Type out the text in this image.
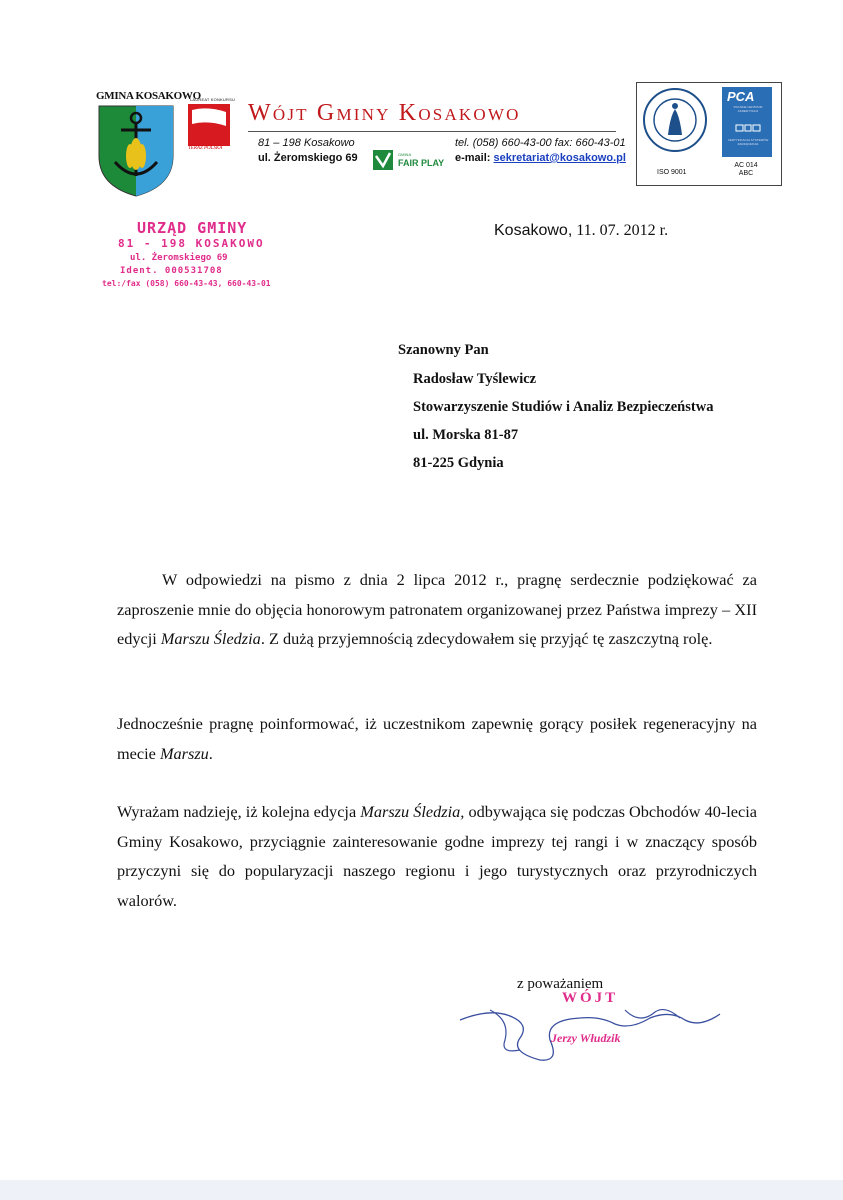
GMINA KOSAKOWO
LAUREAT KONKURSU
TERAZ POLSKA
Wójt Gminy Kosakowo
81 – 198 Kosakowo
ul. Żeromskiego 69
tel. (058) 660-43-00 fax: 660-43-01
e-mail: sekretariat@kosakowo.pl
GMINA
FAIR PLAY
ISO 9001
PCA
POLSKIE CENTRUM AKREDYTACJI
CERTYFIKACJA SYSTEMÓW ZARZĄDZANIA
AC 014
ABC
URZĄD GMINY
81 - 198 KOSAKOWO
ul. Żeromskiego 69
Ident. 000531708
tel:/fax (058) 660-43-43, 660-43-01
Kosakowo, 11. 07. 2012 r.
Szanowny Pan
Radosław Tyślewicz
Stowarzyszenie Studiów i Analiz Bezpieczeństwa
ul. Morska 81-87
81-225 Gdynia
W odpowiedzi na pismo z dnia 2 lipca 2012 r., pragnę serdecznie podziękować za zaproszenie mnie do objęcia honorowym patronatem organizowanej przez Państwa imprezy – XII edycji Marszu Śledzia. Z dużą przyjemnością zdecydowałem się przyjąć tę zaszczytną rolę.
Jednocześnie pragnę poinformować, iż uczestnikom zapewnię gorący posiłek regeneracyjny na mecie Marszu.
Wyrażam nadzieję, iż kolejna edycja Marszu Śledzia, odbywająca się podczas Obchodów 40-lecia Gminy Kosakowo, przyciągnie zainteresowanie godne imprezy tej rangi i w znaczący sposób przyczyni się do popularyzacji naszego regionu i jego turystycznych oraz przyrodniczych walorów.
z poważaniem
WÓJT
Jerzy Włudzik
